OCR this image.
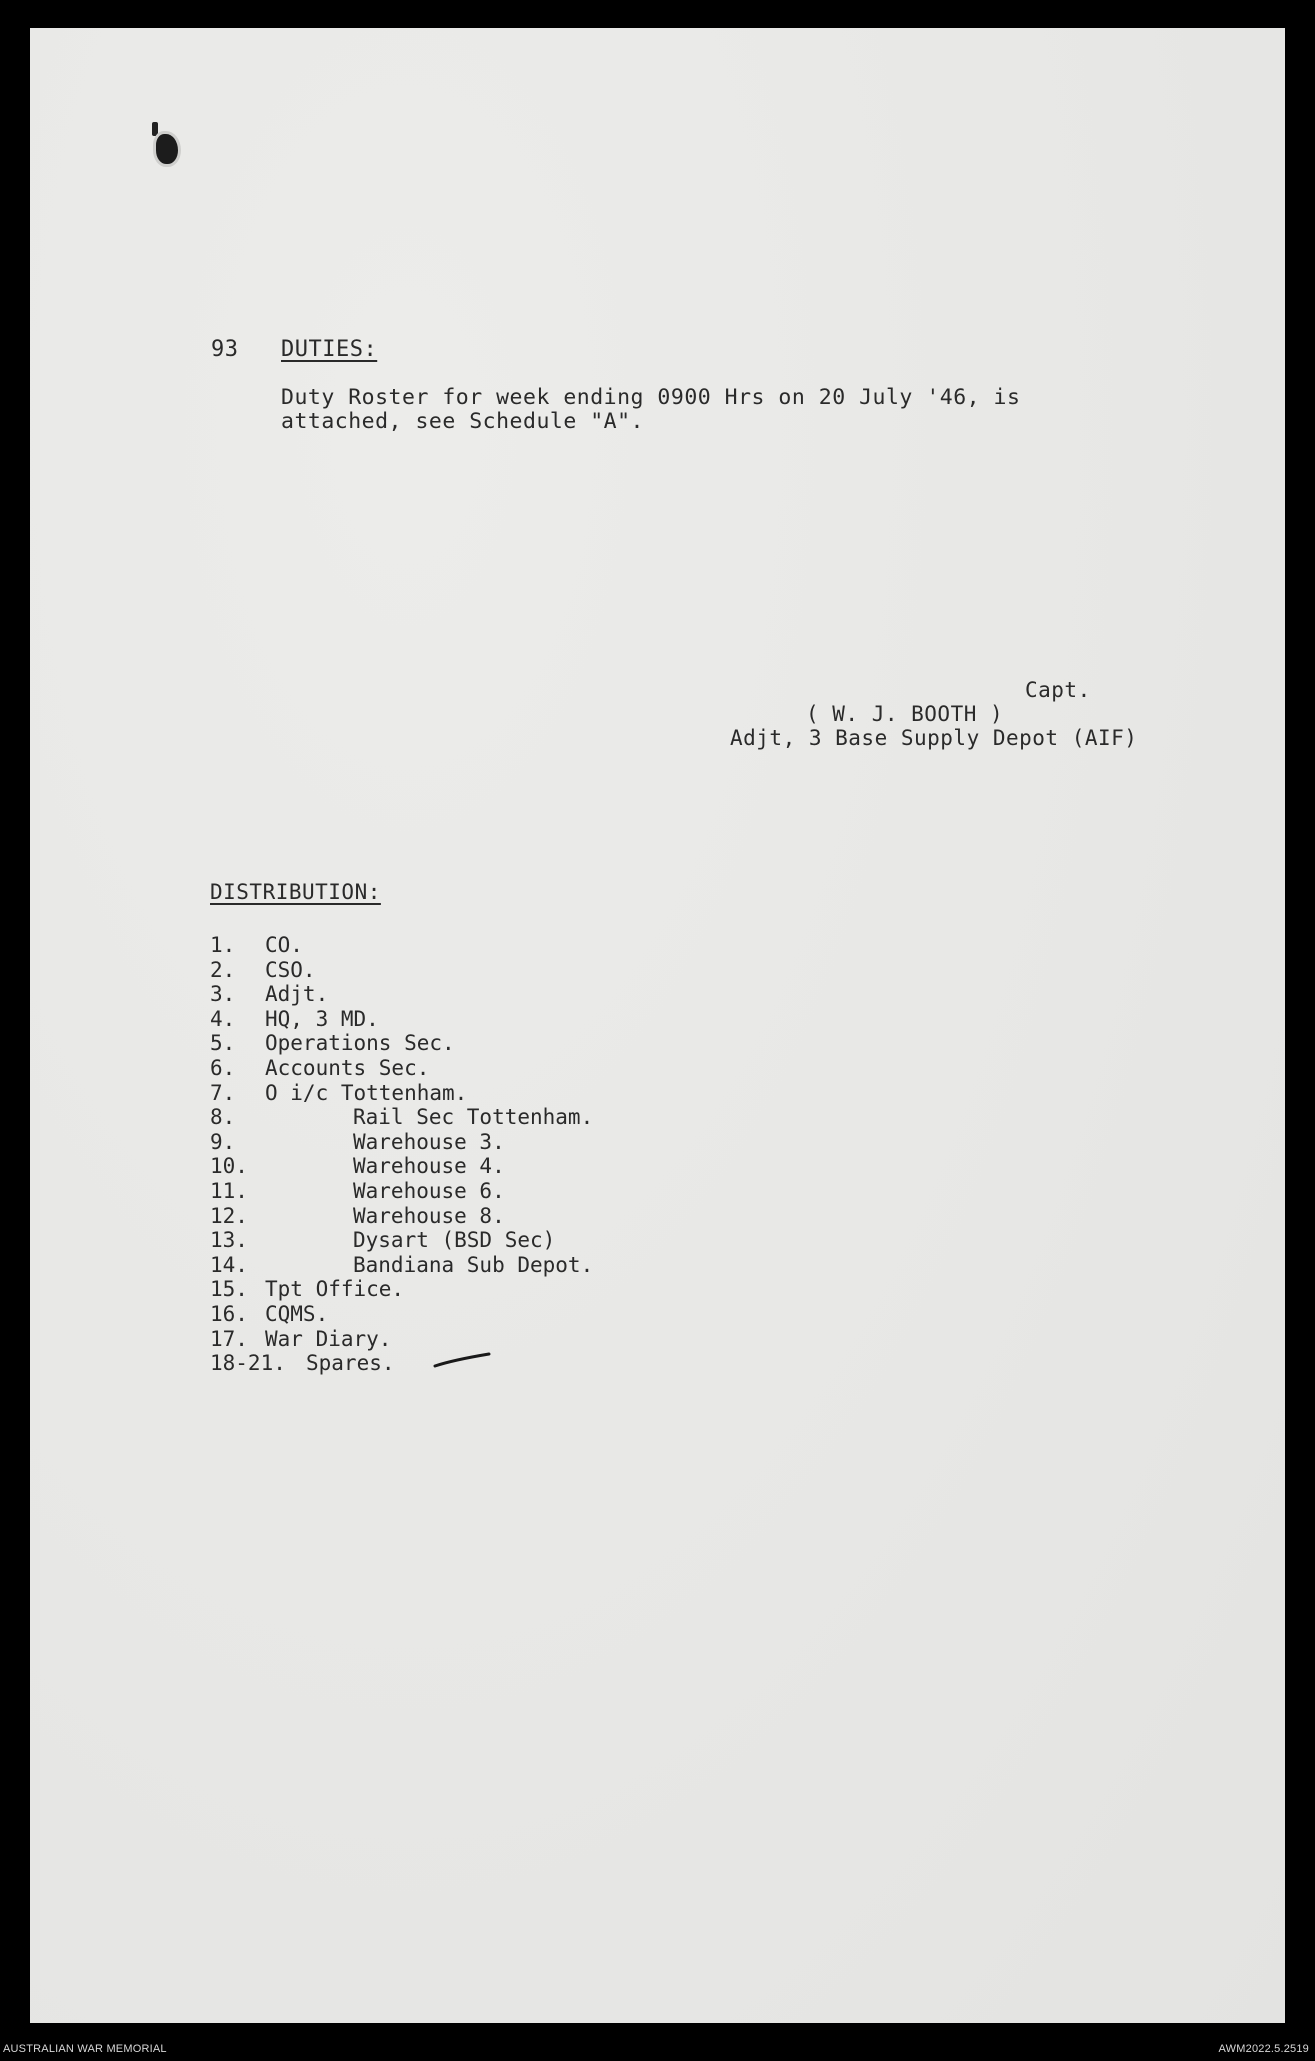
93 DUTIES:
Duty Roster for week ending 0900 Hrs on 20 July '46, is
attached, see Schedule "A".
Capt.
( W. J. BOOTH )
Adjt, 3 Base Supply Depot (AIF)
DISTRIBUTION:
1. CO.
2. CSO.
3. Adjt.
4. HQ, 3 MD.
5. Operations Sec.
6. Accounts Sec.
7. O i/c Tottenham.
8.	Rail Sec Tottenham.
9.	Warehouse 3.
10.	Warehouse 4.
11.	Warehouse 6.
12.	Warehouse 8.
13.	Dysart (BSD Sec)
14.	Bandiana Sub Depot.
15. Tpt Office.
16. CQMS.
17. War Diary.
18-21. Spares.
AUSTRALIAN WAR MEMORIAL	AWM2022.5.2519
